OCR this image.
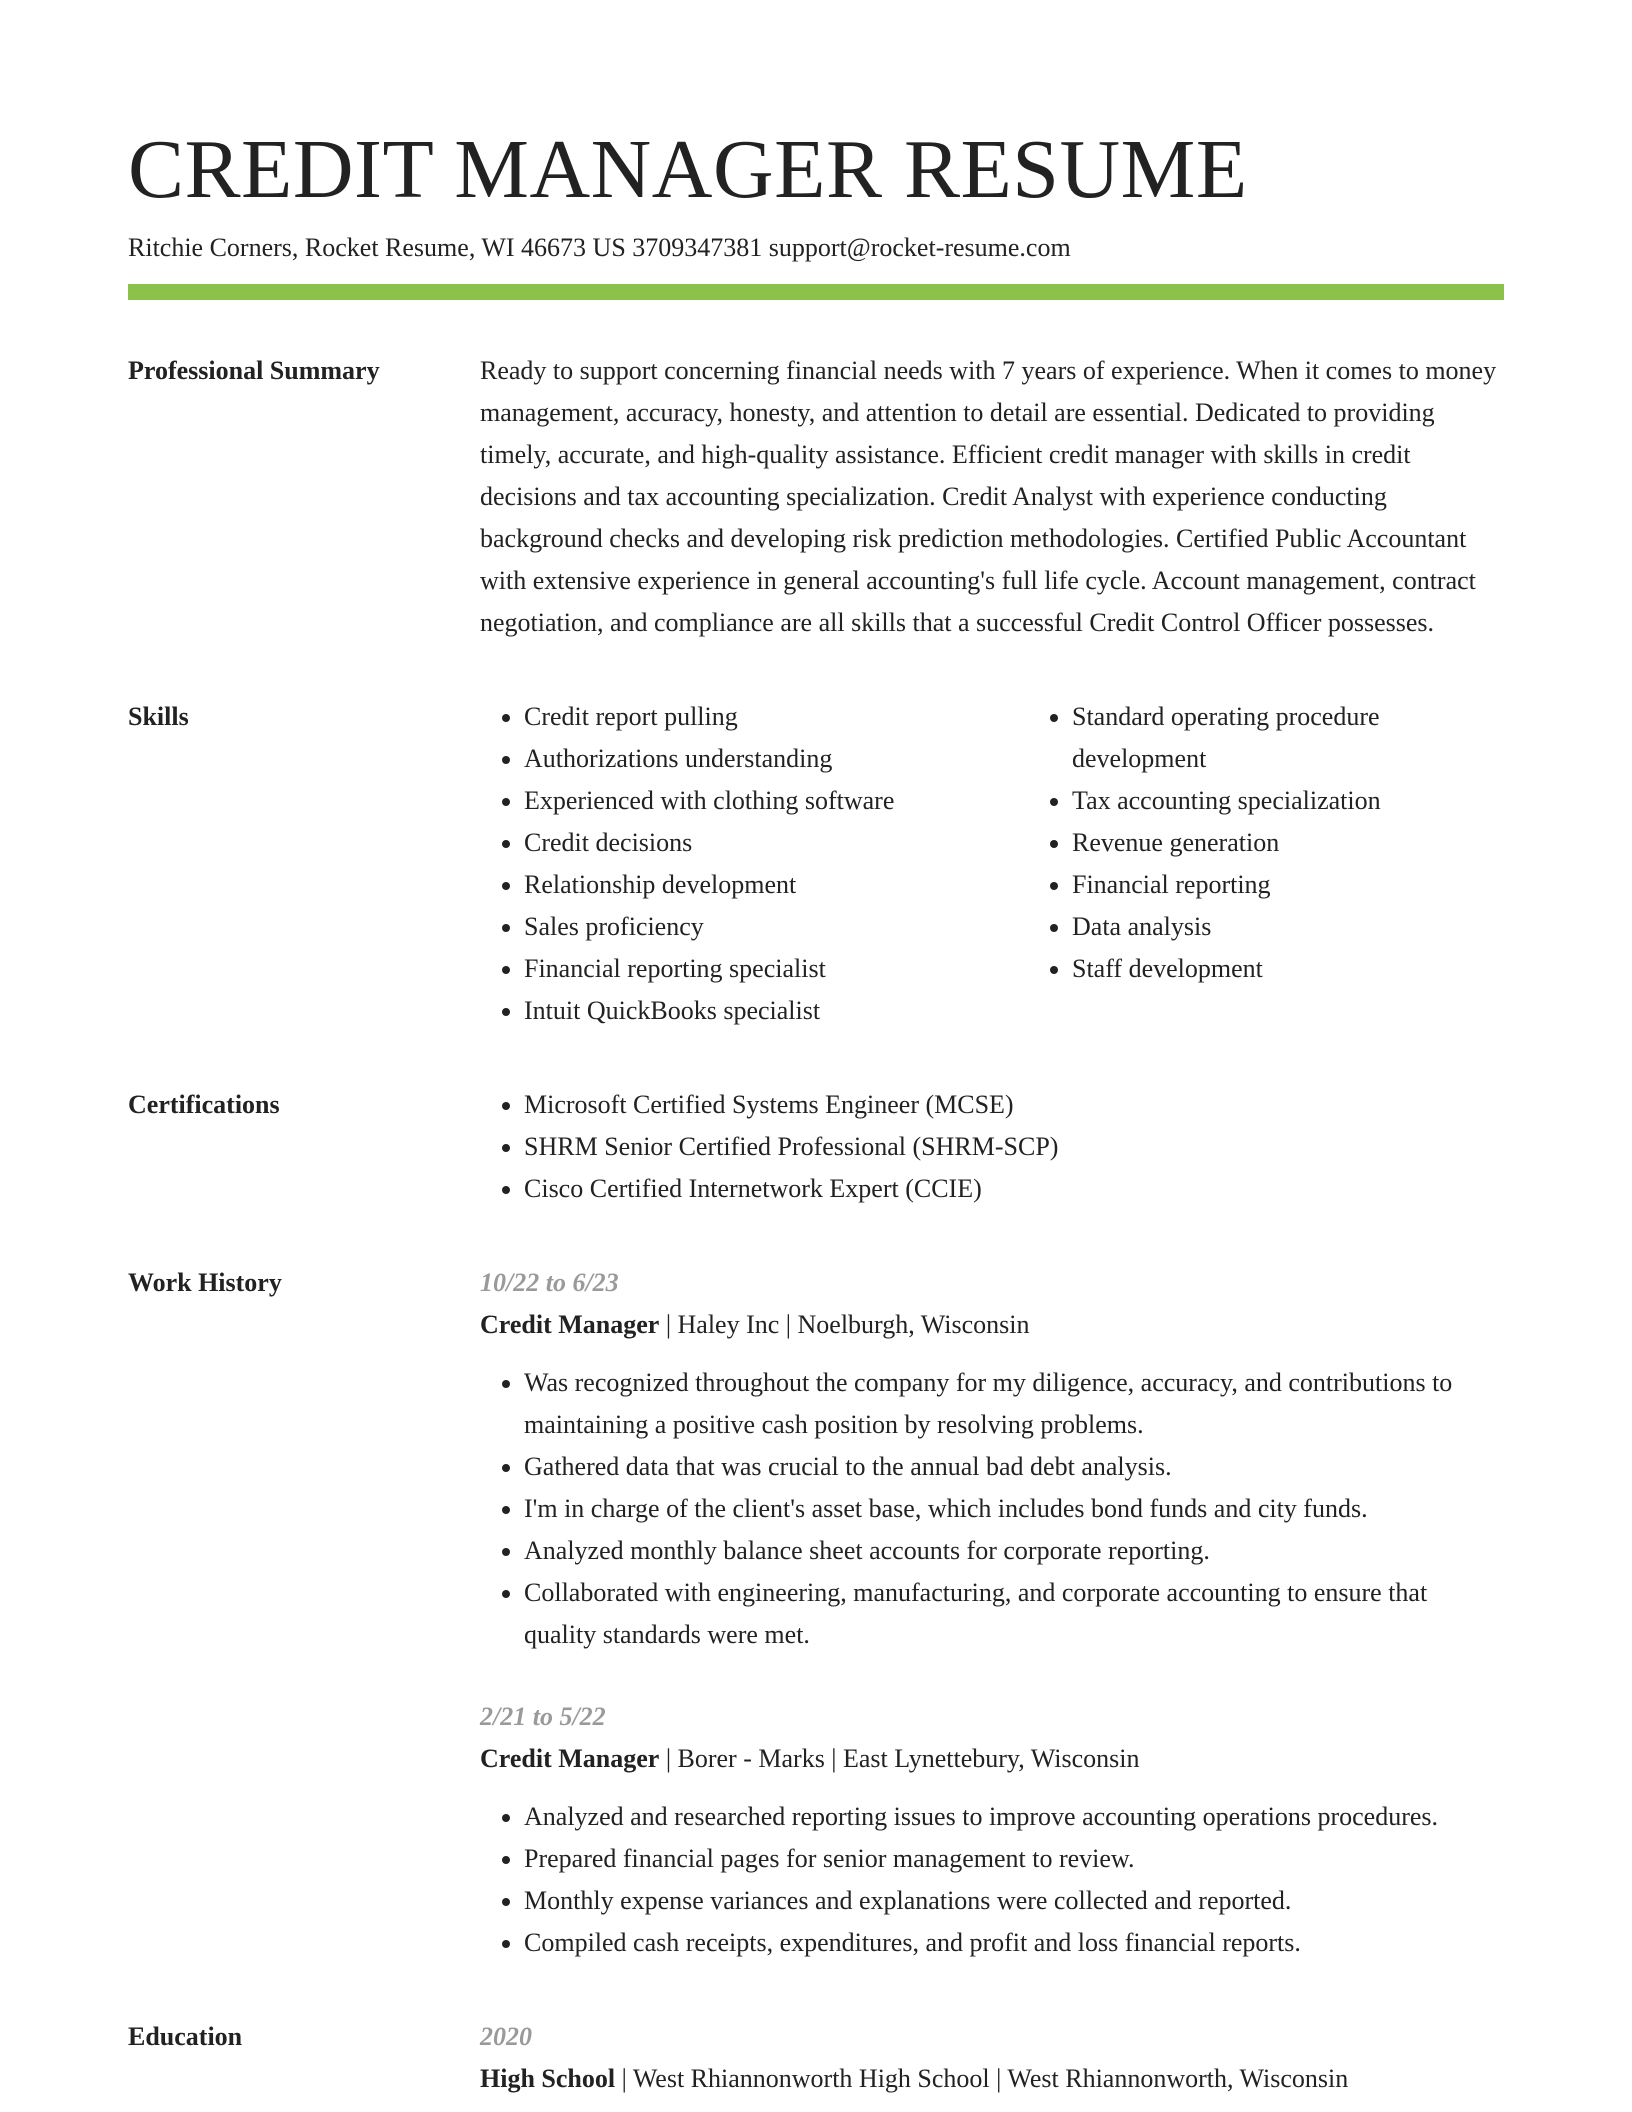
CREDIT MANAGER RESUME
Ritchie Corners, Rocket Resume, WI 46673 US 3709347381 support@rocket-resume.com
Professional Summary	Ready to support concerning financial needs with 7 years of experience. When it comes to money management, accuracy, honesty, and attention to detail are essential. Dedicated to providing timely, accurate, and high-quality assistance. Efficient credit manager with skills in credit decisions and tax accounting specialization. Credit Analyst with experience conducting background checks and developing risk prediction methodologies. Certified Public Accountant with extensive experience in general accounting's full life cycle. Account management, contract negotiation, and compliance are all skills that a successful Credit Control Officer possesses.

Skills	• Credit report pulling
• Authorizations understanding
• Experienced with clothing software
• Credit decisions
• Relationship development
• Sales proficiency
• Financial reporting specialist
• Intuit QuickBooks specialist
• Standard operating procedure development
• Tax accounting specialization
• Revenue generation
• Financial reporting
• Data analysis
• Staff development
Certifications	• Microsoft Certified Systems Engineer (MCSE)
• SHRM Senior Certified Professional (SHRM-SCP)
• Cisco Certified Internetwork Expert (CCIE)
Work History	10/22 to 6/23
Credit Manager | Haley Inc | Noelburgh, Wisconsin
• Was recognized throughout the company for my diligence, accuracy, and contributions to maintaining a positive cash position by resolving problems.
• Gathered data that was crucial to the annual bad debt analysis.
• I'm in charge of the client's asset base, which includes bond funds and city funds.
• Analyzed monthly balance sheet accounts for corporate reporting.
• Collaborated with engineering, manufacturing, and corporate accounting to ensure that quality standards were met.
2/21 to 5/22
Credit Manager | Borer - Marks | East Lynettebury, Wisconsin
• Analyzed and researched reporting issues to improve accounting operations procedures.
• Prepared financial pages for senior management to review.
• Monthly expense variances and explanations were collected and reported.
• Compiled cash receipts, expenditures, and profit and loss financial reports.
Education	2020
High School | West Rhiannonworth High School | West Rhiannonworth, Wisconsin
